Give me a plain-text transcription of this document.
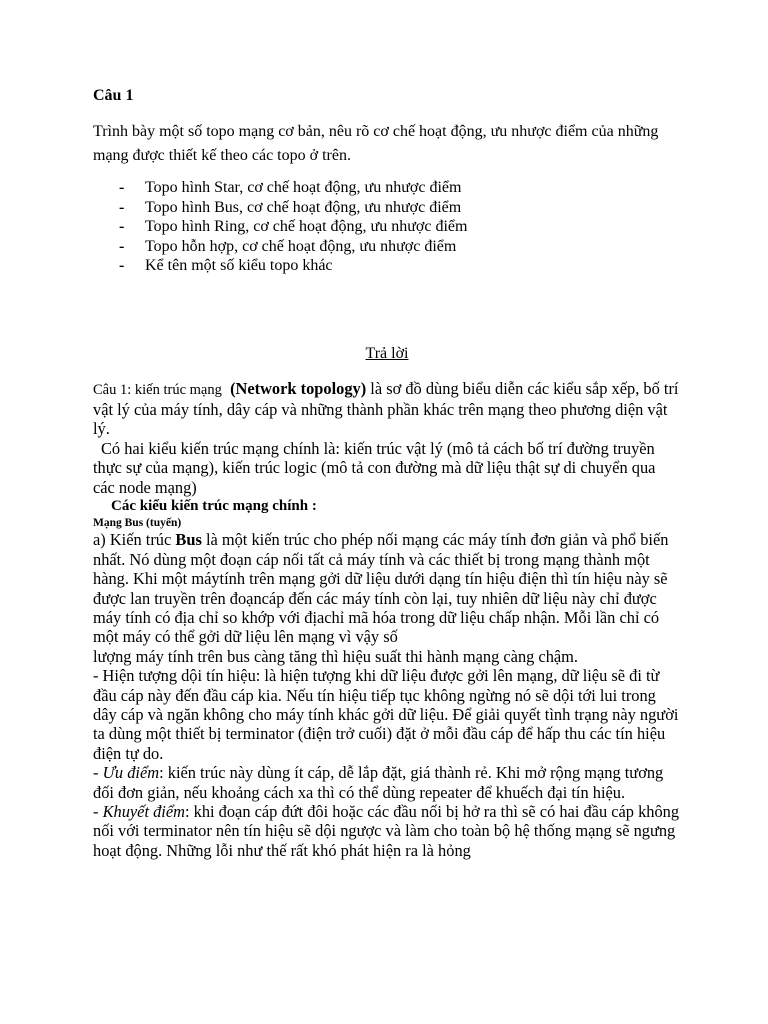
Câu 1

Trình bày một số topo mạng cơ bản, nêu rõ cơ chế hoạt động, ưu nhược điểm của những mạng được thiết kế theo các topo ở trên.

- Topo hình Star, cơ chế hoạt động, ưu nhược điểm
- Topo hình Bus, cơ chế hoạt động, ưu nhược điểm
- Topo hình Ring, cơ chế hoạt động, ưu nhược điểm
- Topo hỗn hợp, cơ chế hoạt động, ưu nhược điểm
- Kể tên một số kiểu topo khác

Trả lời

Câu 1: kiến trúc mạng (Network topology) là sơ đồ dùng biểu diễn các kiểu sắp xếp, bố trí vật lý của máy tính, dây cáp và những thành phần khác trên mạng theo phương diện vật lý.

Có hai kiểu kiến trúc mạng chính là: kiến trúc vật lý (mô tả cách bố trí đường truyền thực sự của mạng), kiến trúc logic (mô tả con đường mà dữ liệu thật sự di chuyển qua các node mạng)

Các kiểu kiến trúc mạng chính :

Mạng Bus (tuyến)

a) Kiến trúc Bus là một kiến trúc cho phép nối mạng các máy tính đơn giản và phổ biến nhất. Nó dùng một đoạn cáp nối tất cả máy tính và các thiết bị trong mạng thành một hàng. Khi một máytính trên mạng gởi dữ liệu dưới dạng tín hiệu điện thì tín hiệu này sẽ được lan truyền trên đoạncáp đến các máy tính còn lại, tuy nhiên dữ liệu này chỉ được máy tính có địa chỉ so khớp với địachỉ mã hóa trong dữ liệu chấp nhận. Mỗi lần chỉ có một máy có thể gởi dữ liệu lên mạng vì vậy số

lượng máy tính trên bus càng tăng thì hiệu suất thi hành mạng càng chậm.

- Hiện tượng dội tín hiệu: là hiện tượng khi dữ liệu được gởi lên mạng, dữ liệu sẽ đi từ đầu cáp này đến đầu cáp kia. Nếu tín hiệu tiếp tục không ngừng nó sẽ dội tới lui trong dây cáp và ngăn không cho máy tính khác gởi dữ liệu. Để giải quyết tình trạng này người ta dùng một thiết bị terminator (điện trở cuối) đặt ở mỗi đầu cáp để hấp thu các tín hiệu điện tự do.

- Ưu điểm: kiến trúc này dùng ít cáp, dễ lắp đặt, giá thành rẻ. Khi mở rộng mạng tương đối đơn giản, nếu khoảng cách xa thì có thể dùng repeater để khuếch đại tín hiệu.

- Khuyết điểm: khi đoạn cáp đứt đôi hoặc các đầu nối bị hở ra thì sẽ có hai đầu cáp không nối với terminator nên tín hiệu sẽ dội ngược và làm cho toàn bộ hệ thống mạng sẽ ngưng hoạt động. Những lỗi như thế rất khó phát hiện ra là hỏng
